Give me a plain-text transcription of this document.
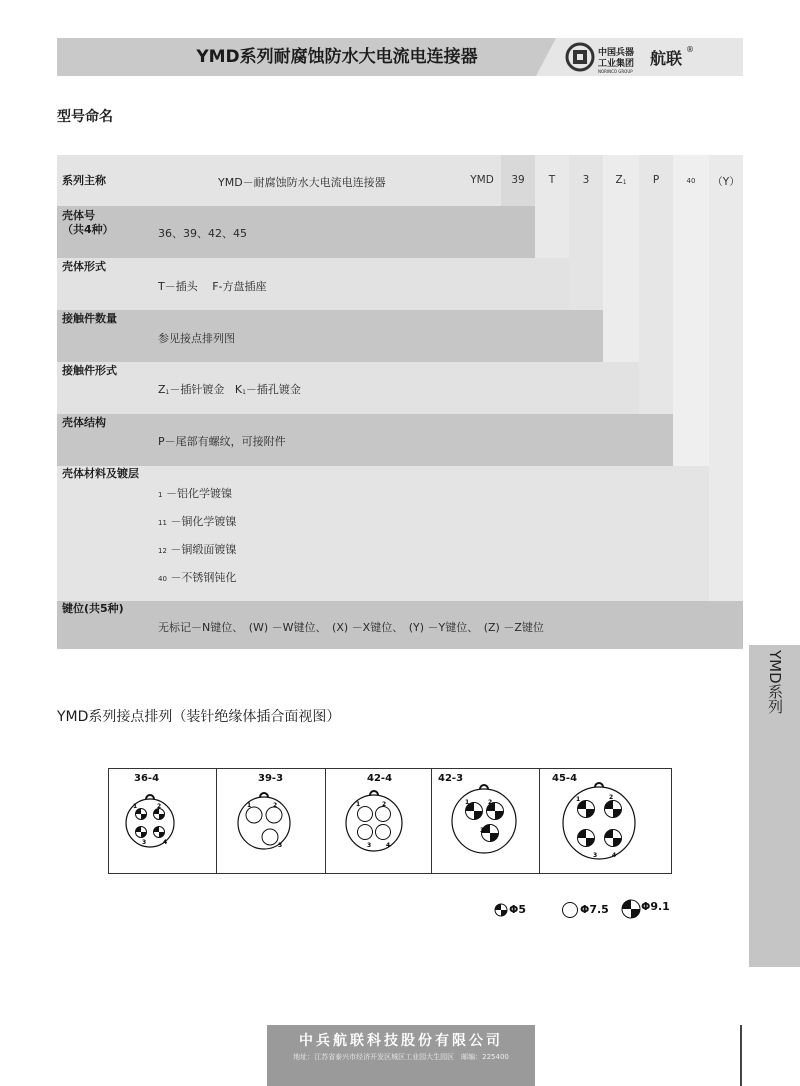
YMD系列耐腐蚀防水大电流电连接器	中国兵器
工业集团
NORINCO GROUP
航联 ®
型号命名
系列主称	YMD－耐腐蚀防水大电流电连接器	YMD	39	T	3	Z1	P	40	（Y）
壳体号
（共4种）	36、39、42、45
壳体形式
T－插头　 F-方盘插座
接触件数量
参见接点排列图
接触件形式
Z1－插针镀金 K1－插孔镀金
壳体结构
P－尾部有螺纹，可接附件
壳体材料及镀层
1 －铝化学镀镍
11 －铜化学镀镍
12 －铜缎面镀镍
40 －不锈钢钝化
键位(共5种)
无标记－N键位、　(W) －W键位、　(X) －X键位、　(Y) －Y键位、　(Z) －Z键位
YMD系列
YMD系列接点排列（装针绝缘体插合面视图）
36-4	39-3	42-4	42-3	45-4
1	2
3	4
1	2
3
1	2
3 4
1	2
3
1	2
3 4
Φ5	Φ7.5	Φ9.1
中兵航联科技股份有限公司
地址：江苏省泰兴市经济开发区城区工业园大生园区　邮编：225400
